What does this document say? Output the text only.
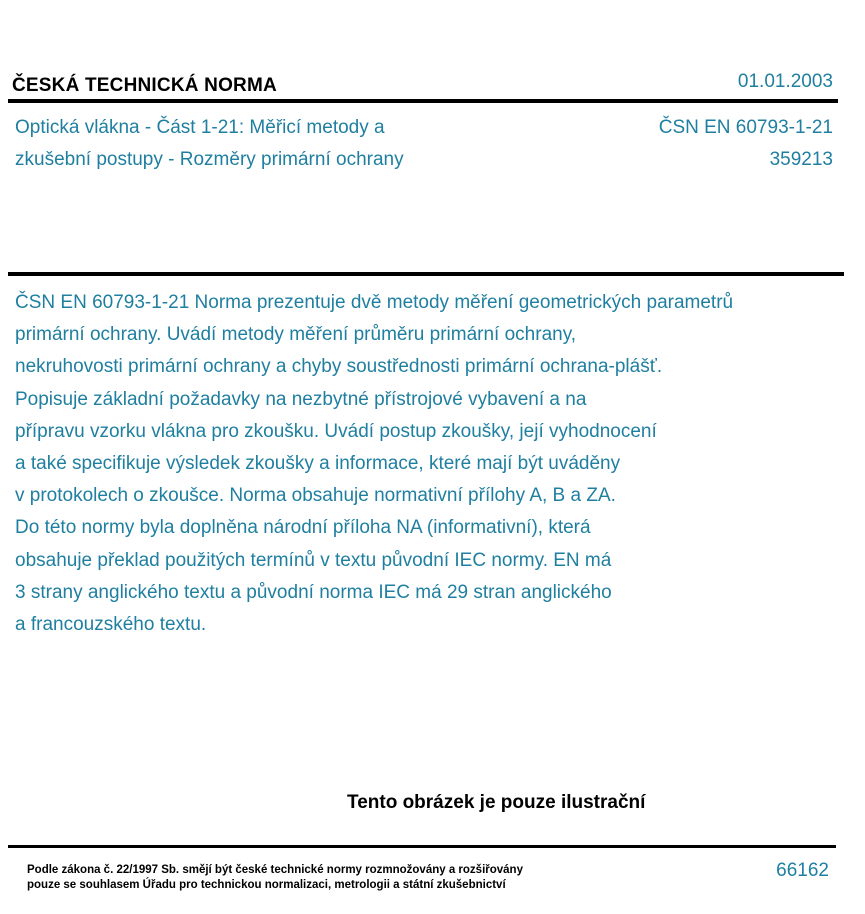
ČESKÁ TECHNICKÁ NORMA	01.01.2003
Optická vlákna - Část 1-21: Měřicí metody a
zkušební postupy - Rozměry primární ochrany
ČSN EN 60793-1-21
359213
ČSN EN 60793-1-21 Norma prezentuje dvě metody měření geometrických parametrů
primární ochrany. Uvádí metody měření průměru primární ochrany,
nekruhovosti primární ochrany a chyby soustřednosti primární ochrana-plášť.
Popisuje základní požadavky na nezbytné přístrojové vybavení a na
přípravu vzorku vlákna pro zkoušku. Uvádí postup zkoušky, její vyhodnocení
a také specifikuje výsledek zkoušky a informace, které mají být uváděny
v protokolech o zkoušce. Norma obsahuje normativní přílohy A, B a ZA.
Do této normy byla doplněna národní příloha NA (informativní), která
obsahuje překlad použitých termínů v textu původní IEC normy. EN má
3 strany anglického textu a původní norma IEC má 29 stran anglického
a francouzského textu.
Tento obrázek je pouze ilustrační
Podle zákona č. 22/1997 Sb. smějí být české technické normy rozmnožovány a rozšiřovány
pouze se souhlasem Úřadu pro technickou normalizaci, metrologii a státní zkušebnictví
66162
